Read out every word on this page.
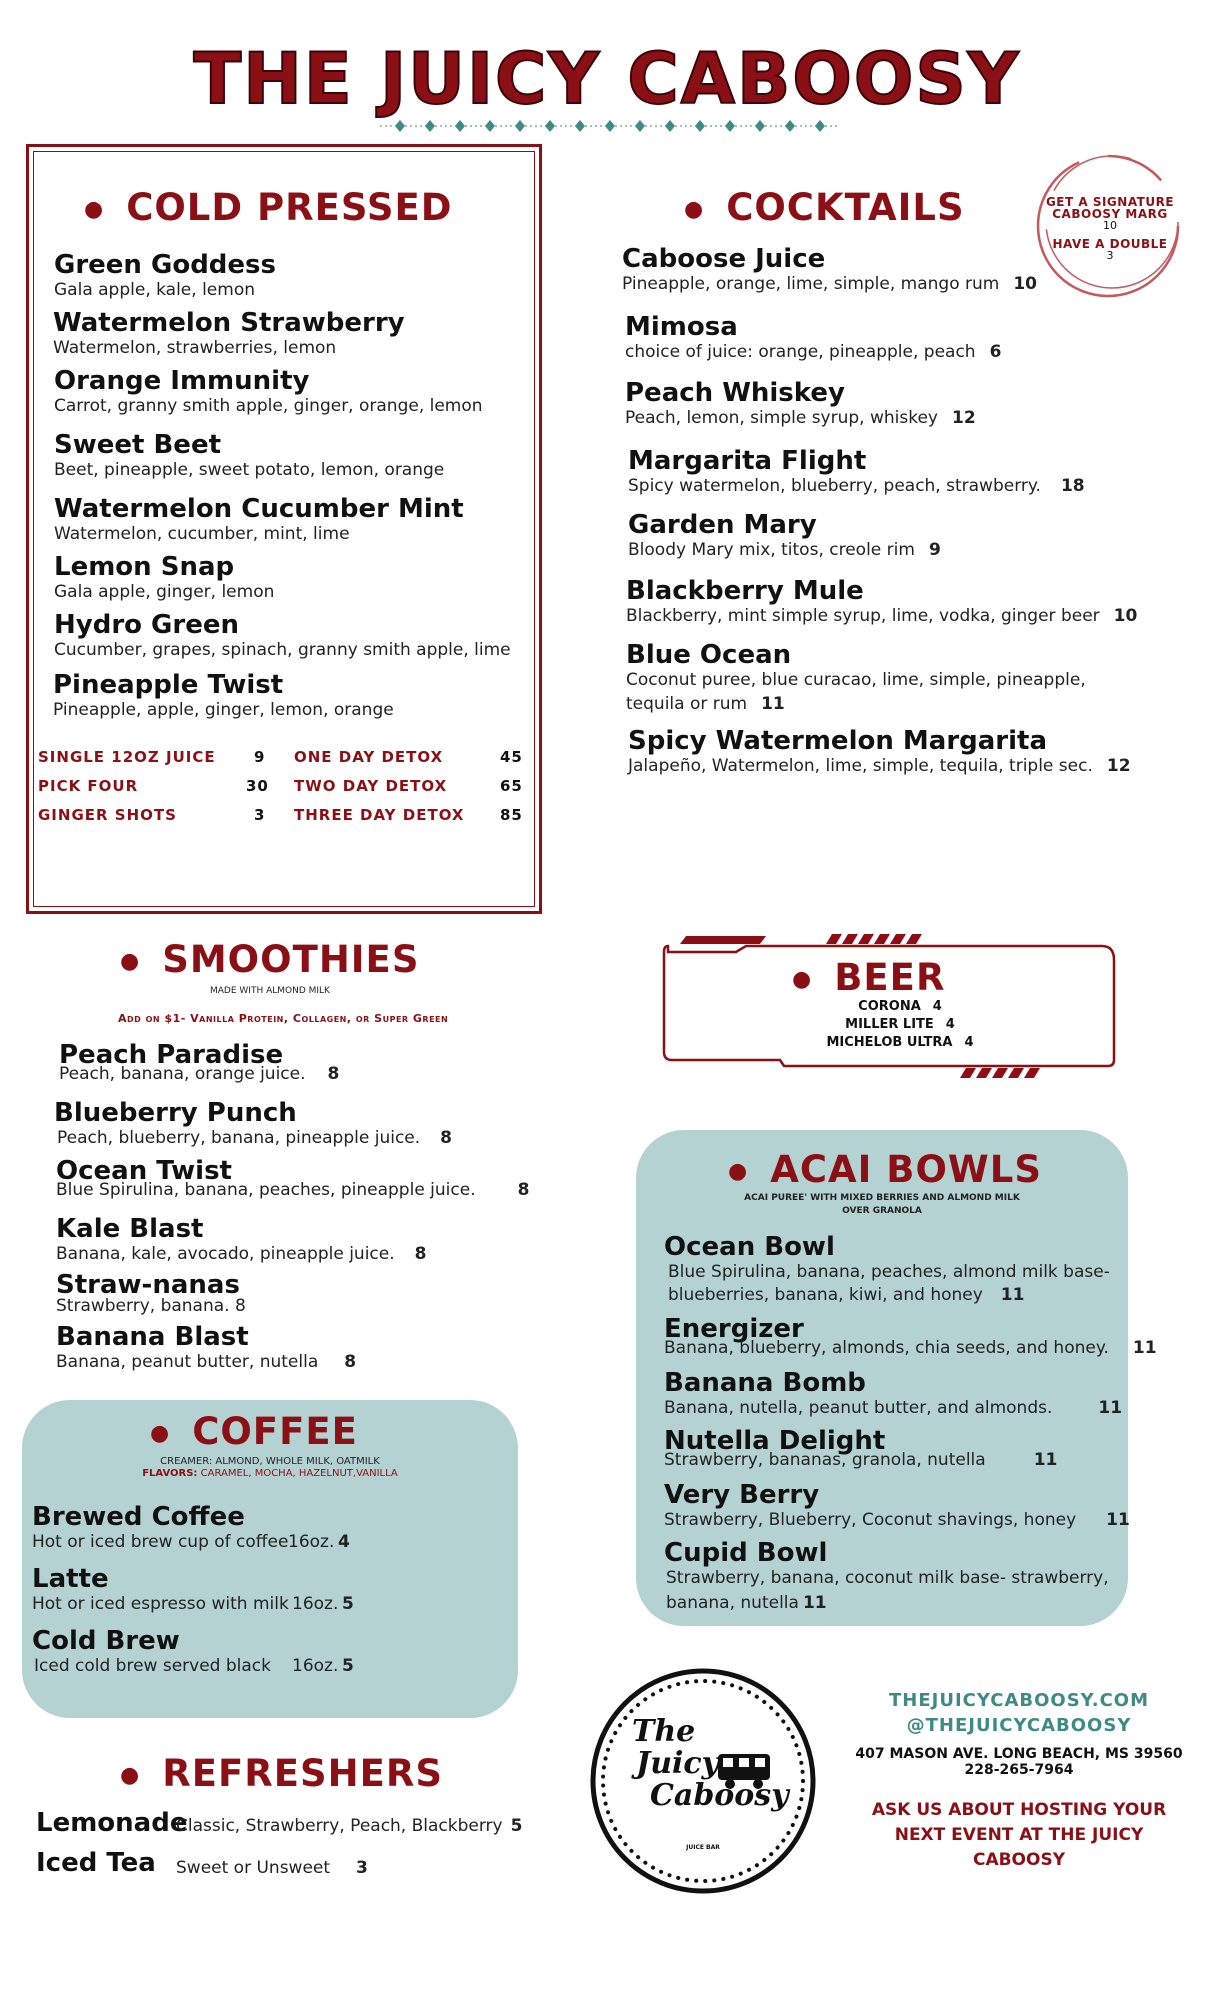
THE JUICY CABOOSY
● COLD PRESSED
Green Goddess
Gala apple, kale, lemon
Watermelon Strawberry
Watermelon, strawberries, lemon
Orange Immunity
Carrot, granny smith apple, ginger, orange, lemon
Sweet Beet
Beet, pineapple, sweet potato, lemon, orange
Watermelon Cucumber Mint
Watermelon, cucumber, mint, lime
Lemon Snap
Gala apple, ginger, lemon
Hydro Green
Cucumber, grapes, spinach, granny smith apple, lime
Pineapple Twist
Pineapple, apple, ginger, lemon, orange
SINGLE 12OZ JUICE	9 ONE DAY DETOX	45
PICK FOUR	30 TWO DAY DETOX	65
GINGER SHOTS	3 THREE DAY DETOX 85
● COCKTAILS	GET A SIGNATURE
CABOOSY MARG
10
HAVE A DOUBLE
3
Caboose Juice
Pineapple, orange, lime, simple, mango rum 10
Mimosa
choice of juice: orange, pineapple, peach 6
Peach Whiskey
Peach, lemon, simple syrup, whiskey 12
Margarita Flight
Spicy watermelon, blueberry, peach, strawberry. 18
Garden Mary
Bloody Mary mix, titos, creole rim 9
Blackberry Mule
Blackberry, mint simple syrup, lime, vodka, ginger beer 10
Blue Ocean
Coconut puree, blue curacao, lime, simple, pineapple,
tequila or rum 11
Spicy Watermelon Margarita
Jalapeño, Watermelon, lime, simple, tequila, triple sec. 12
● SMOOTHIES
MADE WITH ALMOND MILK
Add on $1- Vanilla Protein, Collagen, or Super Green
Peach Paradise
Peach, banana, orange juice. 8
Blueberry Punch
Peach, blueberry, banana, pineapple juice. 8
Ocean Twist
Blue Spirulina, banana, peaches, pineapple juice. 8
Kale Blast
Banana, kale, avocado, pineapple juice. 8
Straw-nanas
Strawberry, banana. 8
Banana Blast
Banana, peanut butter, nutella 8
● BEER
CORONA 4
MILLER LITE 4
MICHELOB ULTRA 4
● ACAI BOWLS
ACAI PUREE' WITH MIXED BERRIES AND ALMOND MILK
OVER GRANOLA
Ocean Bowl
Blue Spirulina, banana, peaches, almond milk base-
blueberries, banana, kiwi, and honey 11
Energizer
Banana, blueberry, almonds, chia seeds, and honey. 11
Banana Bomb
Banana, nutella, peanut butter, and almonds.	11
Nutella Delight
Strawberry, bananas, granola, nutella	11
Very Berry
Strawberry, Blueberry, Coconut shavings, honey 11
Cupid Bowl
Strawberry, banana, coconut milk base- strawberry,
banana, nutella 11
● COFFEE
CREAMER: ALMOND, WHOLE MILK, OATMILK
FLAVORS: CARAMEL, MOCHA, HAZELNUT,VANILLA
Brewed Coffee
Hot or iced brew cup of coffee 16oz. 4
Latte
Hot or iced espresso with milk 16oz. 5
Cold Brew
Iced cold brew served black 16oz. 5
● REFRESHERS
Lemonade
Classic, Strawberry, Peach, Blackberry 5
Iced Tea Sweet or Unsweet 3
The
Juicy
Caboosy
JUICE BAR
THEJUICYCABOOSY.COM
@THEJUICYCABOOSY
407 MASON AVE. LONG BEACH, MS 39560
228-265-7964
ASK US ABOUT HOSTING YOUR
NEXT EVENT AT THE JUICY
CABOOSY
